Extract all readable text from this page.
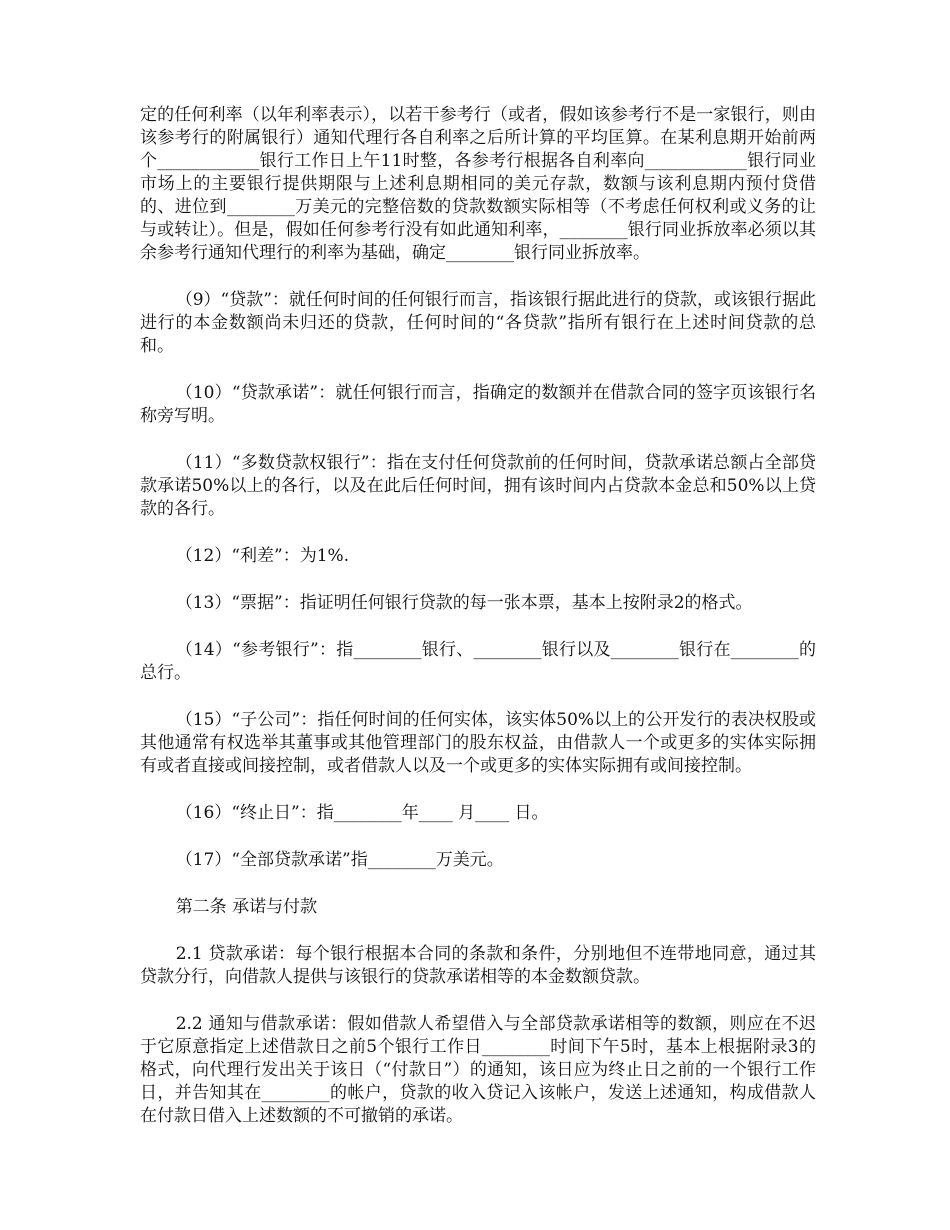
定的任何利率（以年利率表示），以若干参考行（或者，假如该参考行不是一家银行，则由该参考行的附属银行）通知代理行各自利率之后所计算的平均匡算。在某利息期开始前两个____________银行工作日上午11时整，各参考行根据各自利率向____________银行同业市场上的主要银行提供期限与上述利息期相同的美元存款，数额与该利息期内预付贷借的、进位到________万美元的完整倍数的贷款数额实际相等（不考虑任何权利或义务的让与或转让）。但是，假如任何参考行没有如此通知利率，________银行同业拆放率必须以其余参考行通知代理行的利率为基础，确定________银行同业拆放率。

（9）“贷款”：就任何时间的任何银行而言，指该银行据此进行的贷款，或该银行据此进行的本金数额尚未归还的贷款，任何时间的“各贷款”指所有银行在上述时间贷款的总和。

（10）“贷款承诺”：就任何银行而言，指确定的数额并在借款合同的签字页该银行名称旁写明。

（11）“多数贷款权银行”：指在支付任何贷款前的任何时间，贷款承诺总额占全部贷款承诺50%以上的各行，以及在此后任何时间，拥有该时间内占贷款本金总和50%以上贷款的各行。

（12）“利差”：为1%.

（13）“票据”：指证明任何银行贷款的每一张本票，基本上按附录2的格式。

（14）“参考银行”：指________银行、________银行以及________银行在________的总行。

（15）“子公司”：指任何时间的任何实体，该实体50%以上的公开发行的表决权股或其他通常有权选举其董事或其他管理部门的股东权益，由借款人一个或更多的实体实际拥有或者直接或间接控制，或者借款人以及一个或更多的实体实际拥有或间接控制。

（16）“终止日”：指________年____ 月____ 日。

（17）“全部贷款承诺”指________万美元。

第二条 承诺与付款

2.1 贷款承诺：每个银行根据本合同的条款和条件，分别地但不连带地同意，通过其贷款分行，向借款人提供与该银行的贷款承诺相等的本金数额贷款。

2.2 通知与借款承诺：假如借款人希望借入与全部贷款承诺相等的数额，则应在不迟于它原意指定上述借款日之前5个银行工作日________时间下午5时，基本上根据附录3的格式，向代理行发出关于该日（“付款日”）的通知，该日应为终止日之前的一个银行工作日，并告知其在________的帐户，贷款的收入贷记入该帐户，发送上述通知，构成借款人在付款日借入上述数额的不可撤销的承诺。
